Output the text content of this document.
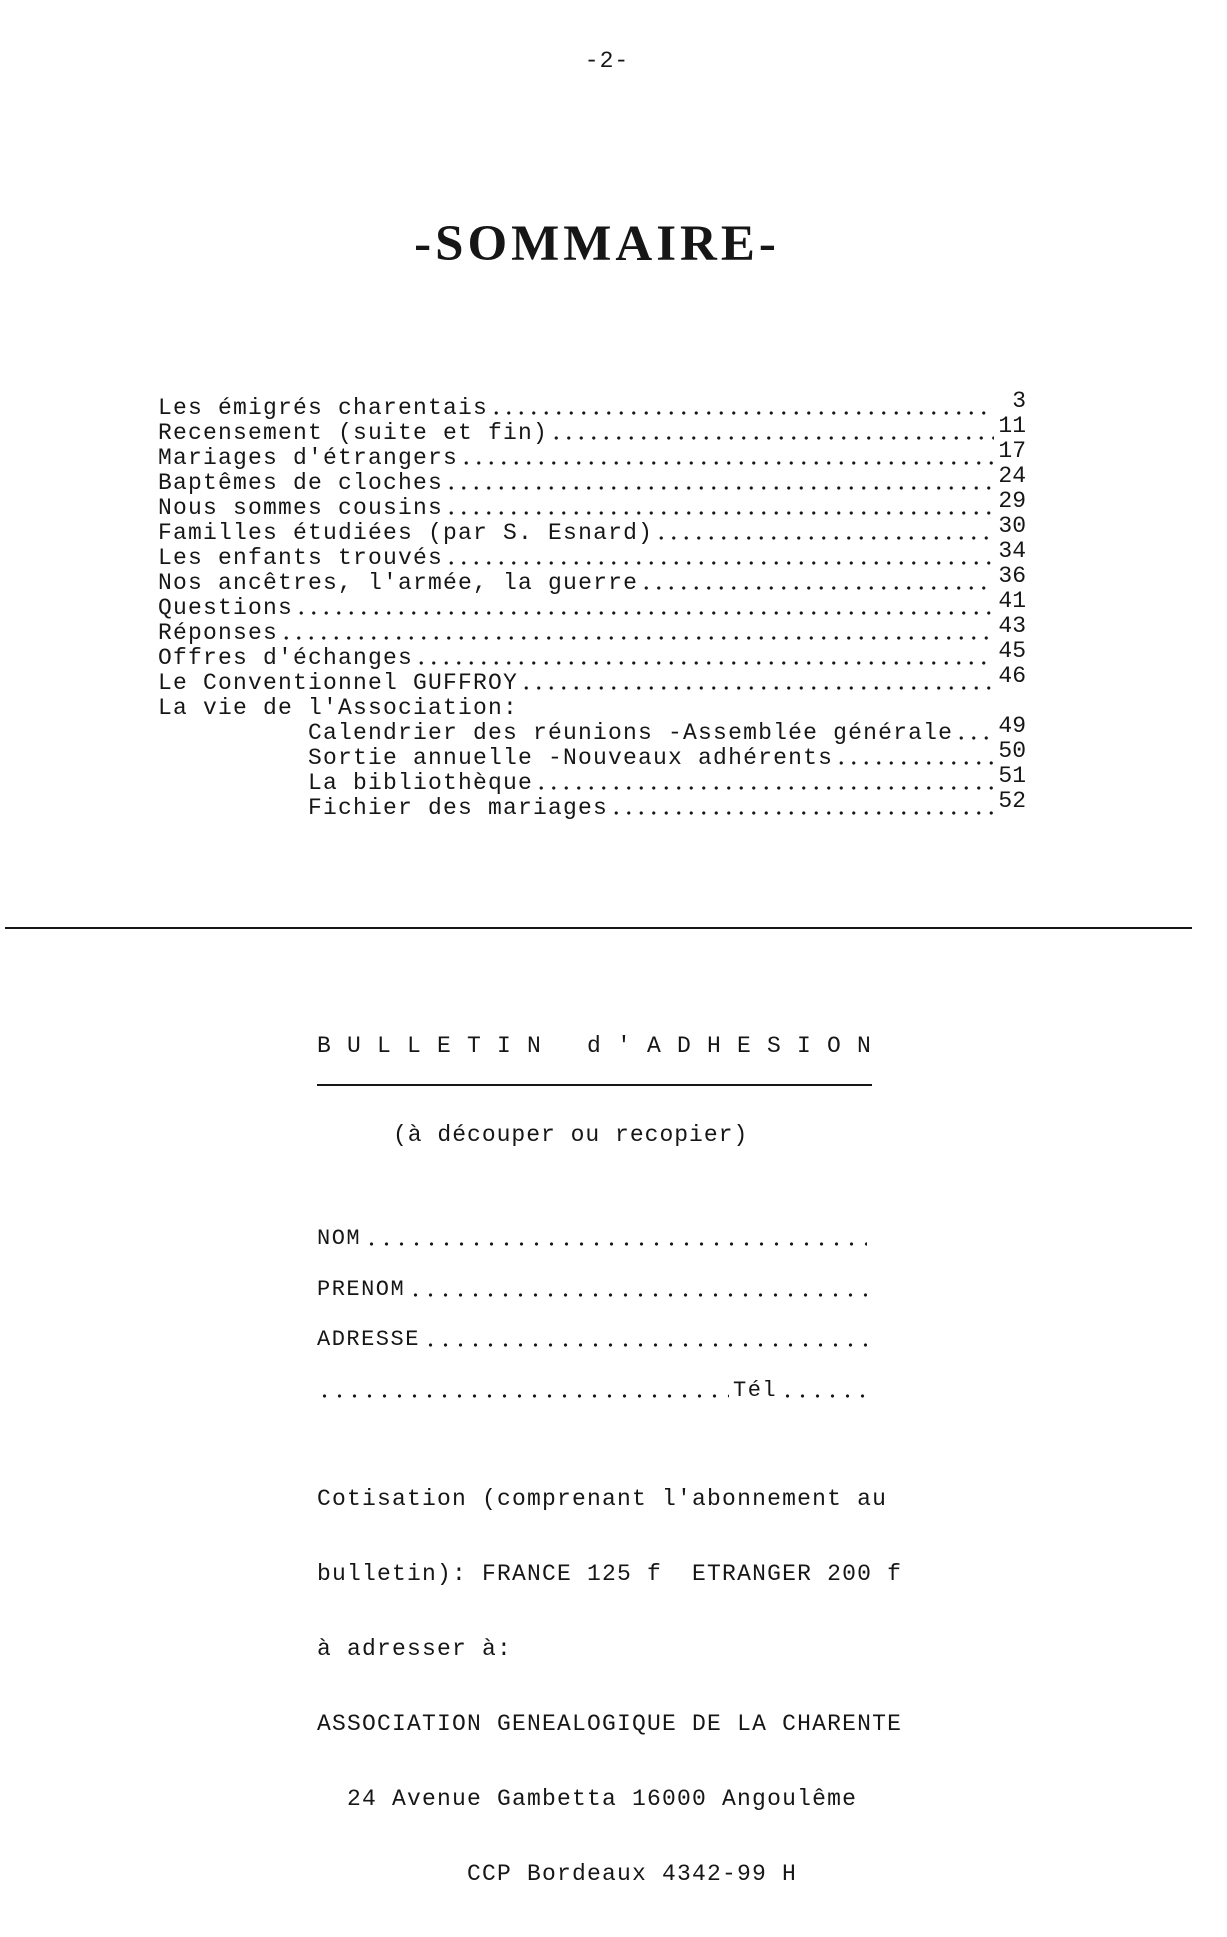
-2-
-SOMMAIRE-
Les émigrés charentais	3
Recensement (suite et fin)	11
Mariages d'étrangers	17
Baptêmes de cloches	24
Nous sommes cousins	29
Familles étudiées (par S. Esnard)	30
Les enfants trouvés	34
Nos ancêtres, l'armée, la guerre	36
Questions	41
Réponses	43
Offres d'échanges	45
Le Conventionnel GUFFROY	46
La vie de l'Association:
Calendrier des réunions -Assemblée générale 49
Sortie annuelle -Nouveaux adhérents	50
La bibliothèque	51
Fichier des mariages	52
BULLETIN d'ADHESION
(à découper ou recopier)
NOM
PRENOM
ADRESSE
Tél

Cotisation (comprenant l'abonnement au

bulletin): FRANCE 125 f  ETRANGER 200 f

à adresser à:

ASSOCIATION GENEALOGIQUE DE LA CHARENTE

24 Avenue Gambetta 16000 Angoulême

CCP Bordeaux 4342-99 H
